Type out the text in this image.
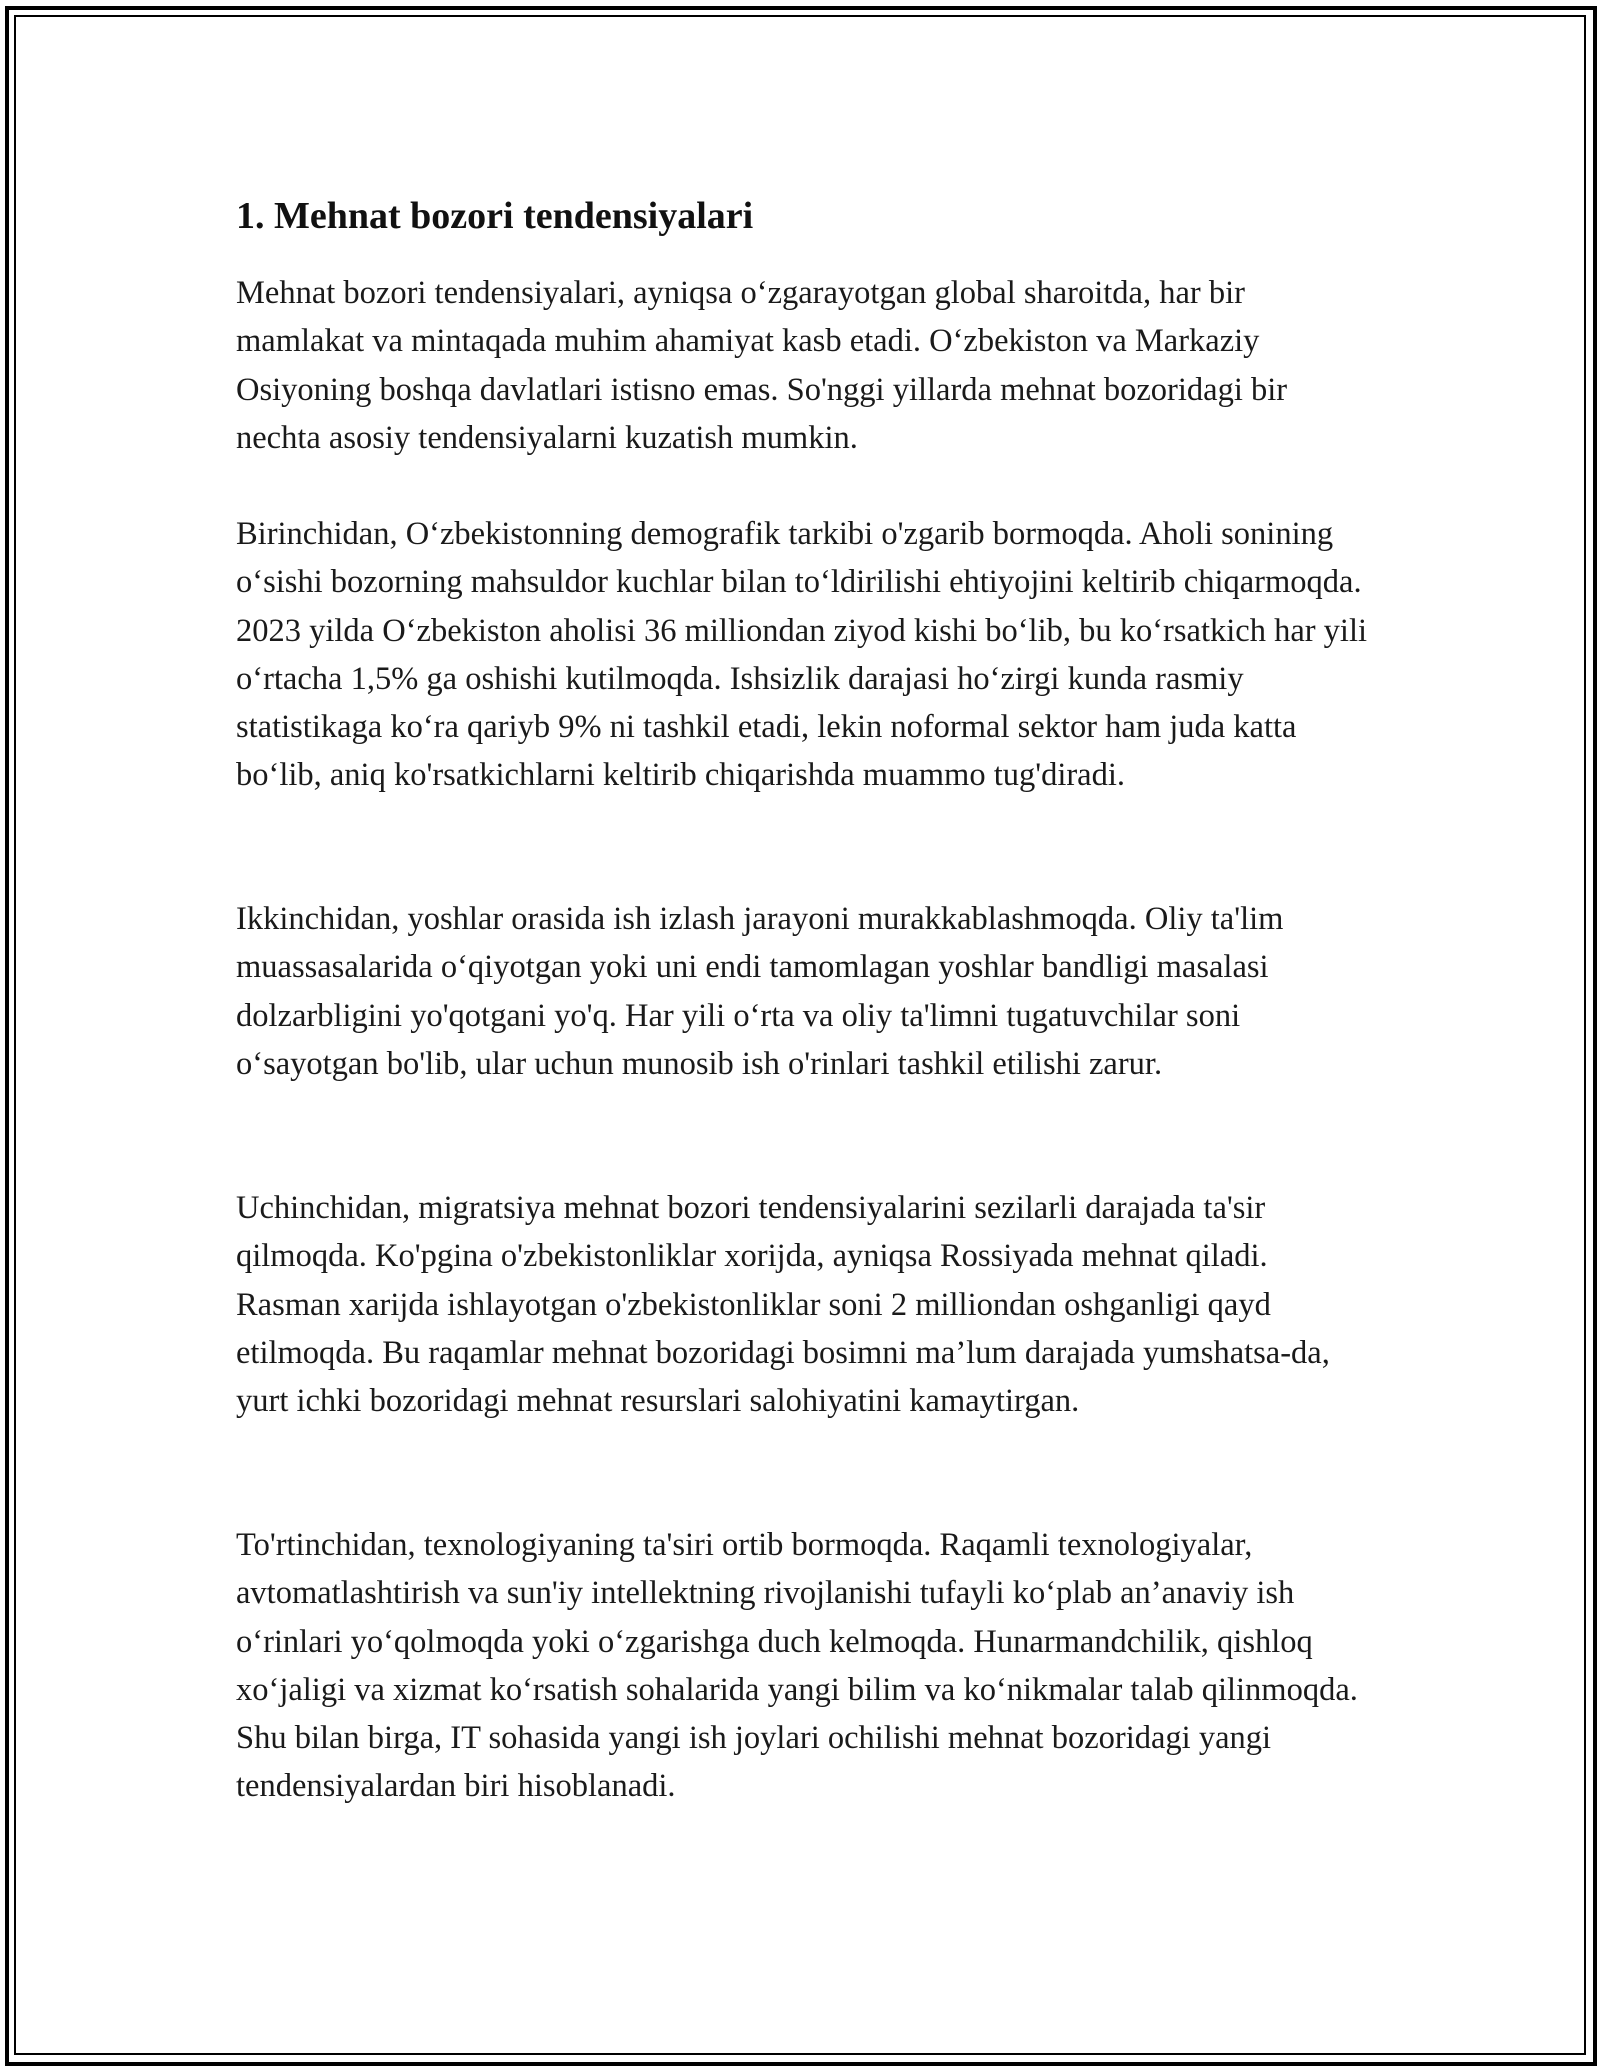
1. Mehnat bozori tendensiyalari

Mehnat bozori tendensiyalari, ayniqsa o‘zgarayotgan global sharoitda, har bir mamlakat va mintaqada muhim ahamiyat kasb etadi. O‘zbekiston va Markaziy Osiyoning boshqa davlatlari istisno emas. So'nggi yillarda mehnat bozoridagi bir nechta asosiy tendensiyalarni kuzatish mumkin.

Birinchidan, O‘zbekistonning demografik tarkibi o'zgarib bormoqda. Aholi sonining o‘sishi bozorning mahsuldor kuchlar bilan to‘ldirilishi ehtiyojini keltirib chiqarmoqda. 2023 yilda O‘zbekiston aholisi 36 milliondan ziyod kishi bo‘lib, bu ko‘rsatkich har yili o‘rtacha 1,5% ga oshishi kutilmoqda. Ishsizlik darajasi ho‘zirgi kunda rasmiy statistikaga ko‘ra qariyb 9% ni tashkil etadi, lekin noformal sektor ham juda katta bo‘lib, aniq ko'rsatkichlarni keltirib chiqarishda muammo tug'diradi.

Ikkinchidan, yoshlar orasida ish izlash jarayoni murakkablashmoqda. Oliy ta'lim muassasalarida o‘qiyotgan yoki uni endi tamomlagan yoshlar bandligi masalasi dolzarbligini yo'qotgani yo'q. Har yili o‘rta va oliy ta'limni tugatuvchilar soni o‘sayotgan bo'lib, ular uchun munosib ish o'rinlari tashkil etilishi zarur.

Uchinchidan, migratsiya mehnat bozori tendensiyalarini sezilarli darajada ta'sir qilmoqda. Ko'pgina o'zbekistonliklar xorijda, ayniqsa Rossiyada mehnat qiladi. Rasman xarijda ishlayotgan o'zbekistonliklar soni 2 milliondan oshganligi qayd etilmoqda. Bu raqamlar mehnat bozoridagi bosimni ma’lum darajada yumshatsa-da, yurt ichki bozoridagi mehnat resurslari salohiyatini kamaytirgan.

To'rtinchidan, texnologiyaning ta'siri ortib bormoqda. Raqamli texnologiyalar, avtomatlashtirish va sun'iy intellektning rivojlanishi tufayli ko‘plab an’anaviy ish o‘rinlari yo‘qolmoqda yoki o‘zgarishga duch kelmoqda. Hunarmandchilik, qishloq xo‘jaligi va xizmat ko‘rsatish sohalarida yangi bilim va ko‘nikmalar talab qilinmoqda. Shu bilan birga, IT sohasida yangi ish joylari ochilishi mehnat bozoridagi yangi tendensiyalardan biri hisoblanadi.
